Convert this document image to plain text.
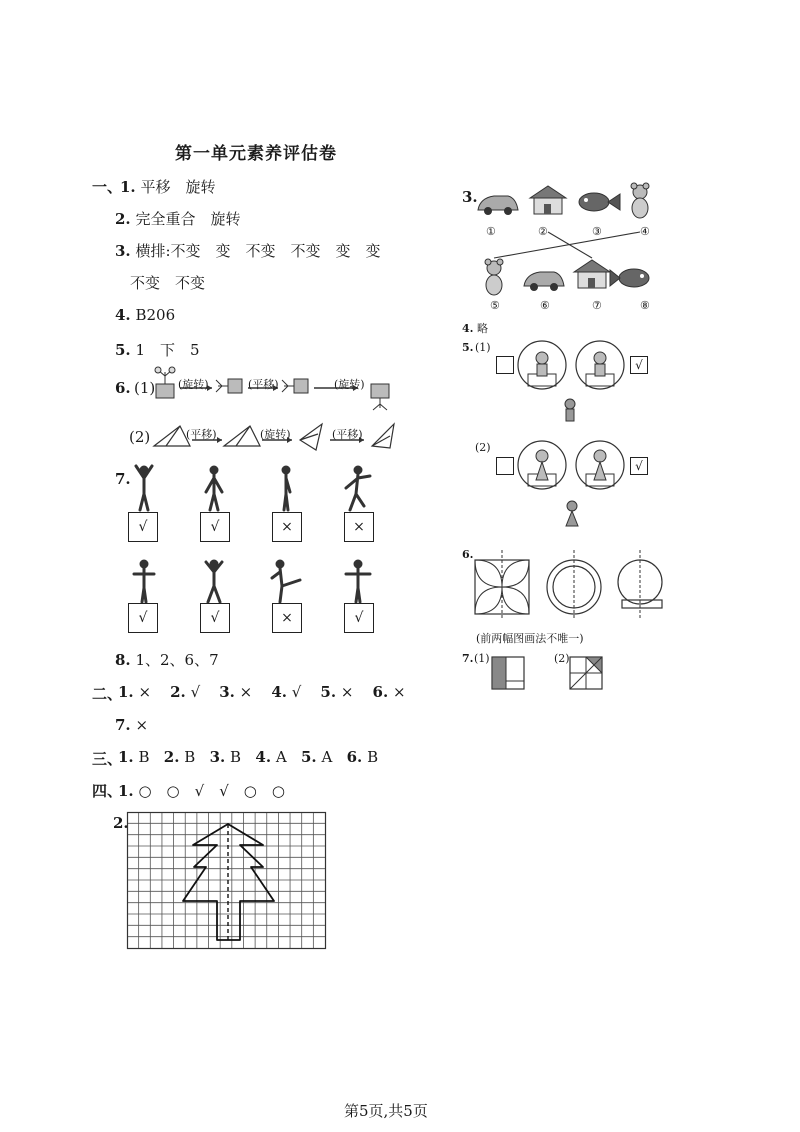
第一单元素养评估卷
一、
1. 平移　旋转
2. 完全重合　旋转
3. 横排:不变　变　不变　不变　变　变
不变　不变
4. B206
5. 1　下　5
6. (1)
(2)
(旋转)	(平移)	(旋转)
(平移)	(旋转)	(平移)
7.
√	√	×	×
√	√	×	√
8. 1、2、6、7
二、
1. × 2. √ 3. × 4. √ 5. × 6. ×
7. ×
三、
1. B 2. B 3. B 4. A 5. A 6. B
四、
1. ○　○　√　√　○　○
2.
3.
①	②	③	④
⑤	⑥	⑦	⑧
4. 略
5. (1)
√
(2)
√
6.
(前两幅图画法不唯一)
7. (1)	(2)
第5页,共5页
